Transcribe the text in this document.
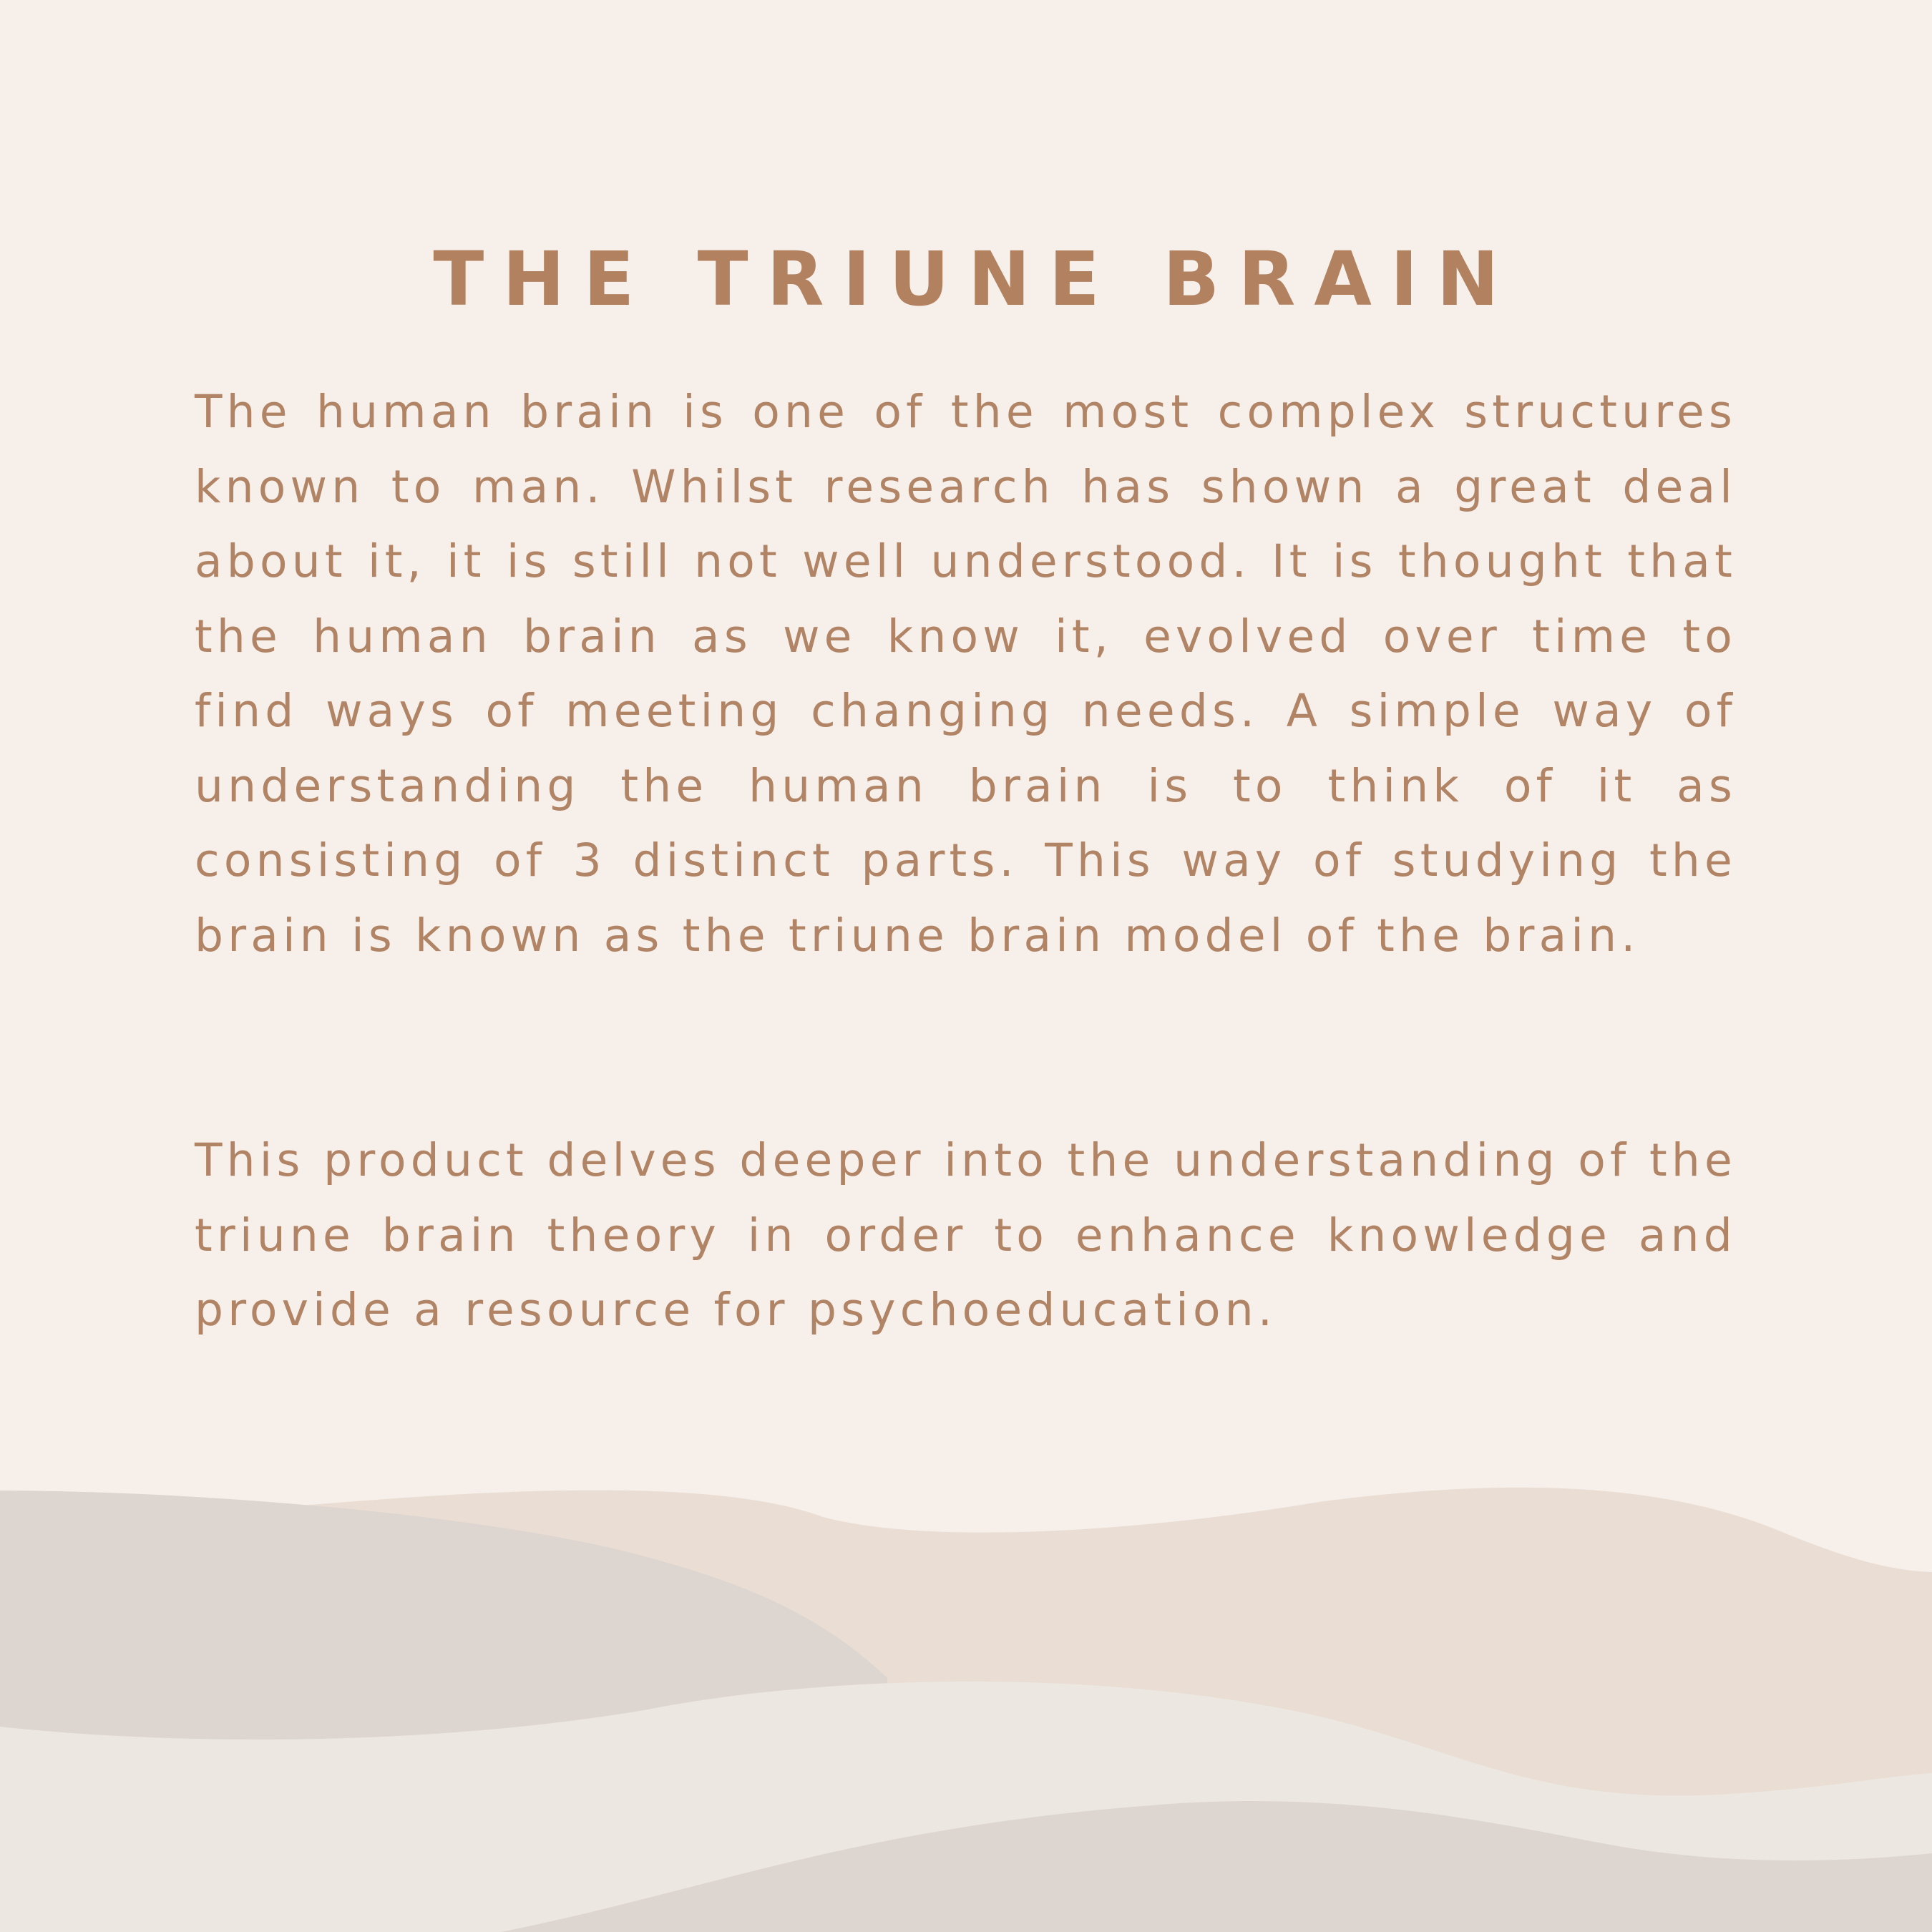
THE TRIUNE BRAIN

The human brain is one of the most complex structures known to man. Whilst research has shown a great deal about it, it is still not well understood. It is thought that the human brain as we know it, evolved over time to find ways of meeting changing needs. A simple way of understanding the human brain is to think of it as consisting of 3 distinct parts. This way of studying the brain is known as the triune brain model of the brain.

This product delves deeper into the understanding of the triune brain theory in order to enhance knowledge and provide a resource for psychoeducation.
